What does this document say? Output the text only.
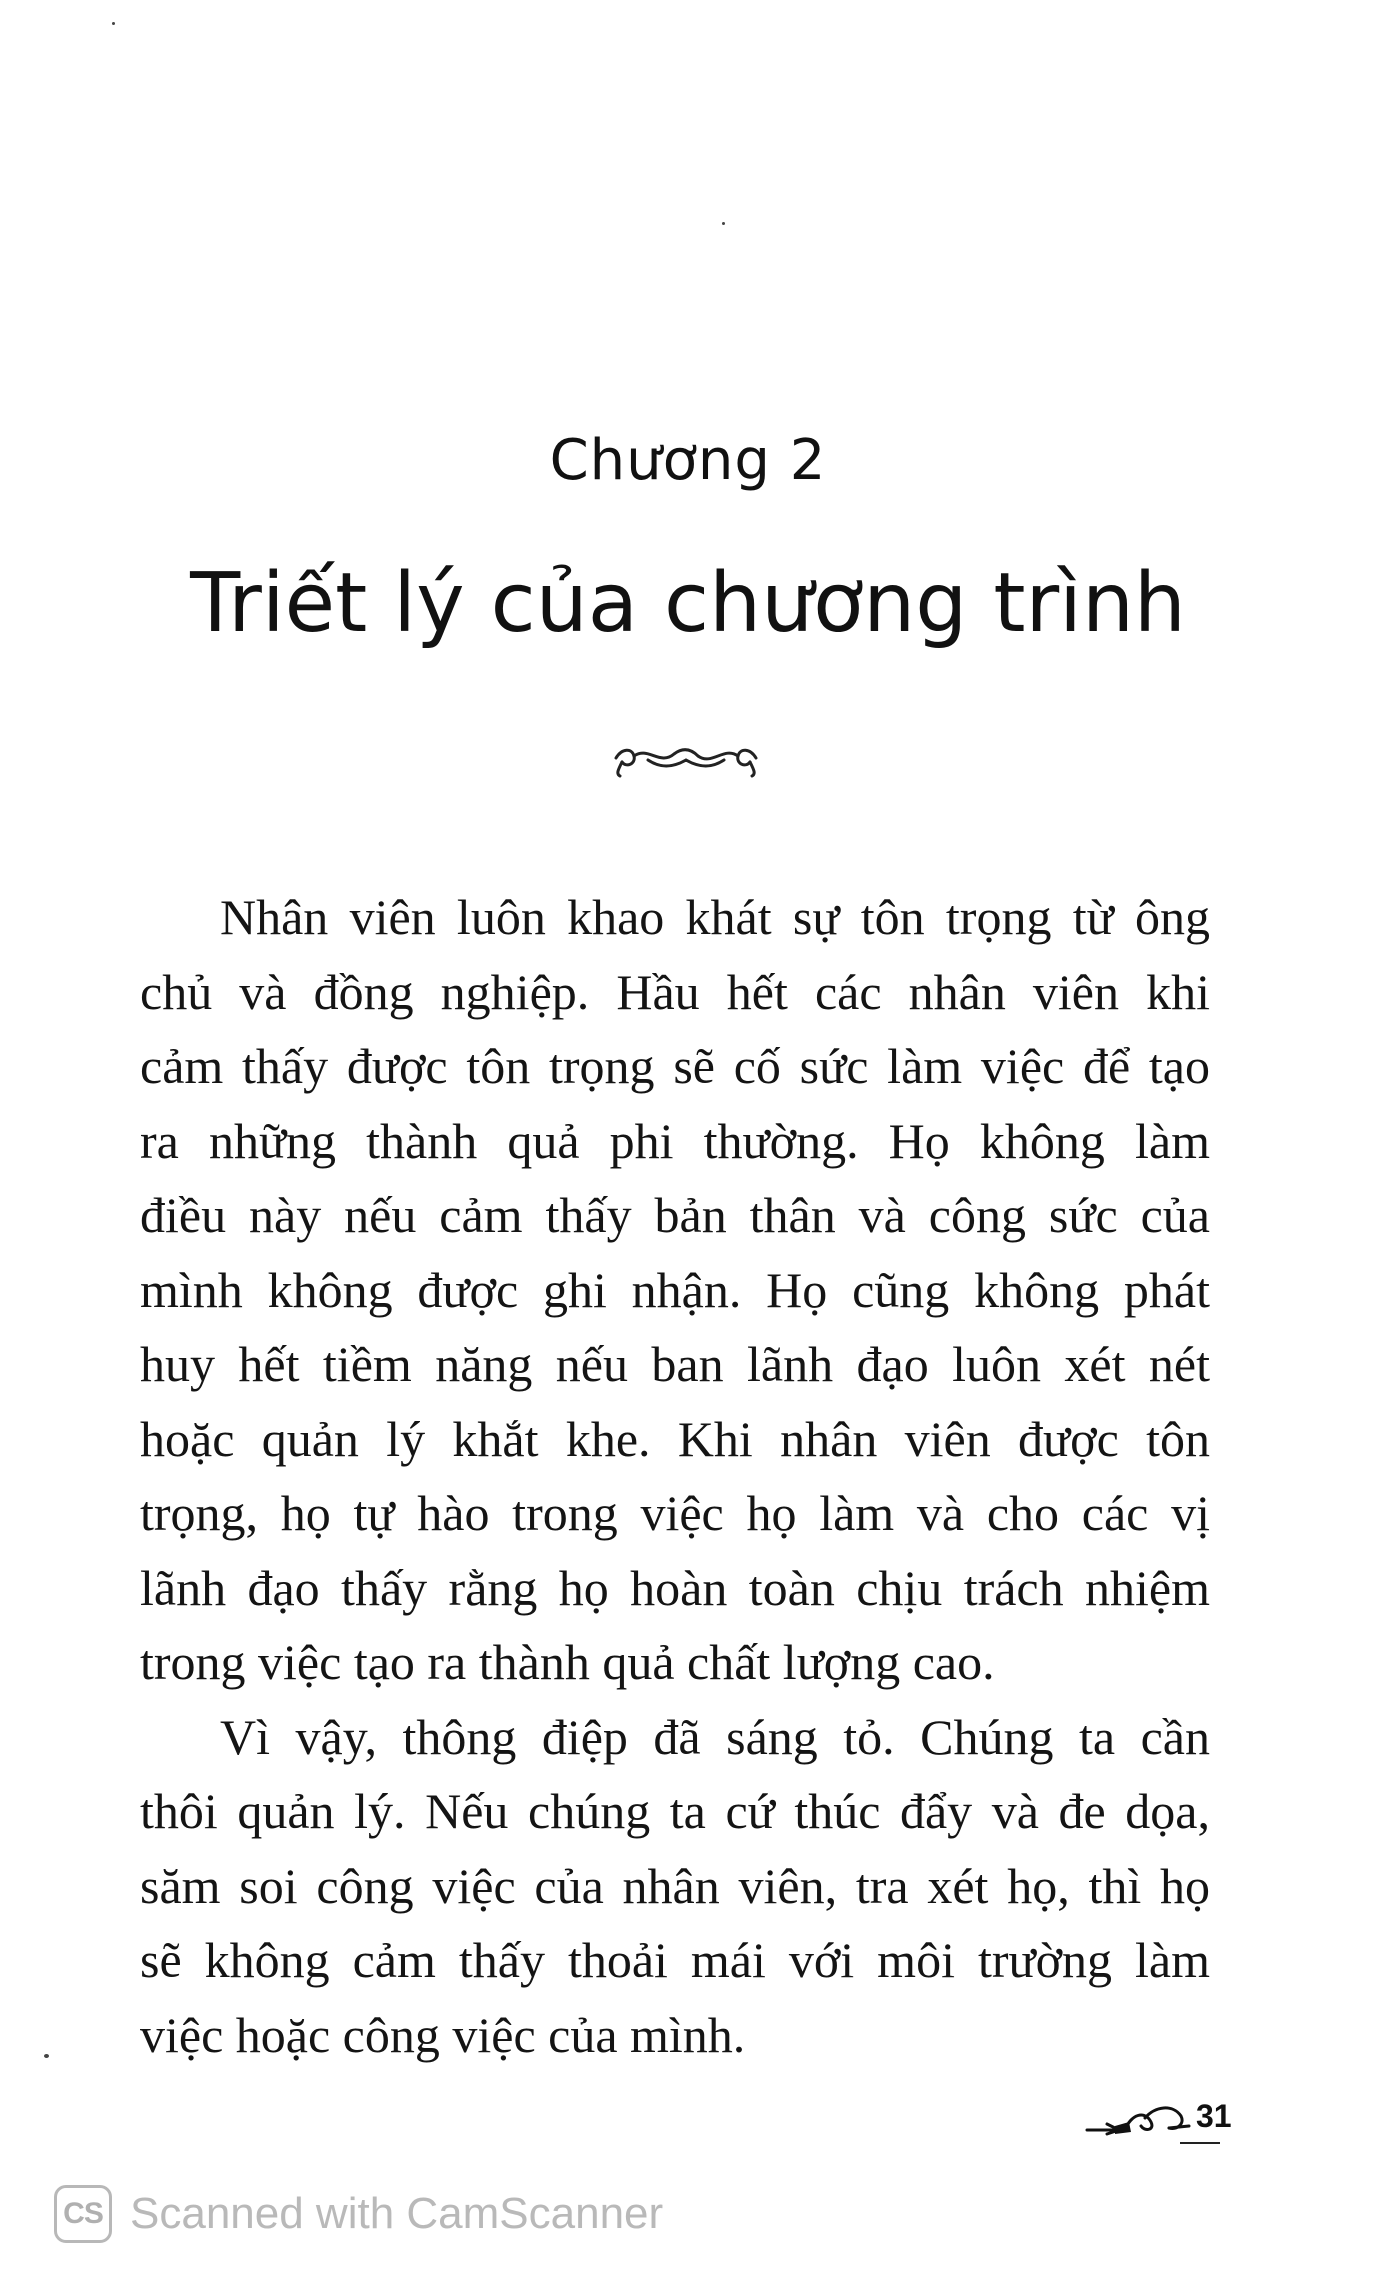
Chương 2
Triết lý của chương trình
Nhân viên luôn khao khát sự tôn trọng từ ông
chủ và đồng nghiệp. Hầu hết các nhân viên khi
cảm thấy được tôn trọng sẽ cố sức làm việc để tạo
ra những thành quả phi thường. Họ không làm
điều này nếu cảm thấy bản thân và công sức của
mình không được ghi nhận. Họ cũng không phát
huy hết tiềm năng nếu ban lãnh đạo luôn xét nét
hoặc quản lý khắt khe. Khi nhân viên được tôn
trọng, họ tự hào trong việc họ làm và cho các vị
lãnh đạo thấy rằng họ hoàn toàn chịu trách nhiệm
trong việc tạo ra thành quả chất lượng cao.
Vì vậy, thông điệp đã sáng tỏ. Chúng ta cần
thôi quản lý. Nếu chúng ta cứ thúc đẩy và đe dọa,
săm soi công việc của nhân viên, tra xét họ, thì họ
sẽ không cảm thấy thoải mái với môi trường làm
việc hoặc công việc của mình.
31
CS Scanned with CamScanner
